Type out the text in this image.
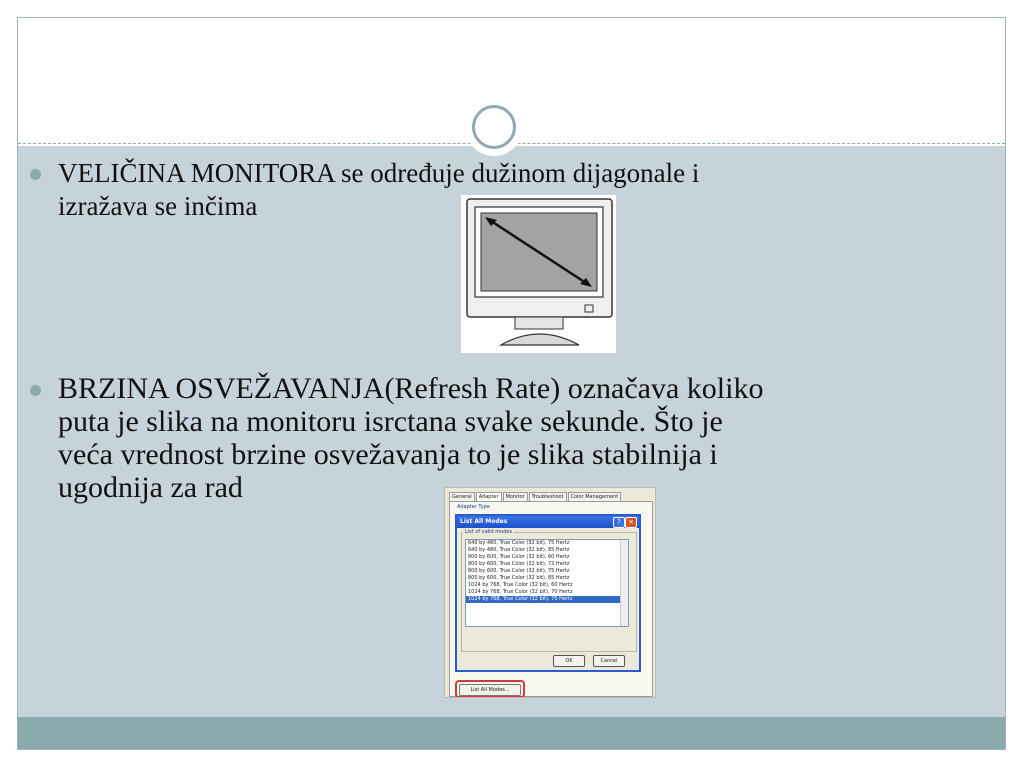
VELIČINA MONITORA se određuje dužinom dijagonale i
izražava se inčima
BRZINA OSVEŽAVANJA(Refresh Rate) označava koliko
puta je slika na monitoru isrctana svake sekunde. Što je
veća vrednost brzine osvežavanja to je slika stabilnija i
ugodnija za rad	General	Adapter	Monitor	Troubleshoot	Color Management
Adapter Type
List All Modes	?	×
List of valid modes
640 by 480, True Color (32 bit), 75 Hertz
640 by 480, True Color (32 bit), 85 Hertz
800 by 600, True Color (32 bit), 60 Hertz
800 by 600, True Color (32 bit), 72 Hertz
800 by 600, True Color (32 bit), 75 Hertz
800 by 600, True Color (32 bit), 85 Hertz
1024 by 768, True Color (32 bit), 60 Hertz
1024 by 768, True Color (32 bit), 70 Hertz
1024 by 768, True Color (32 bit), 75 Hertz
OK	Cancel
List All Modes...
